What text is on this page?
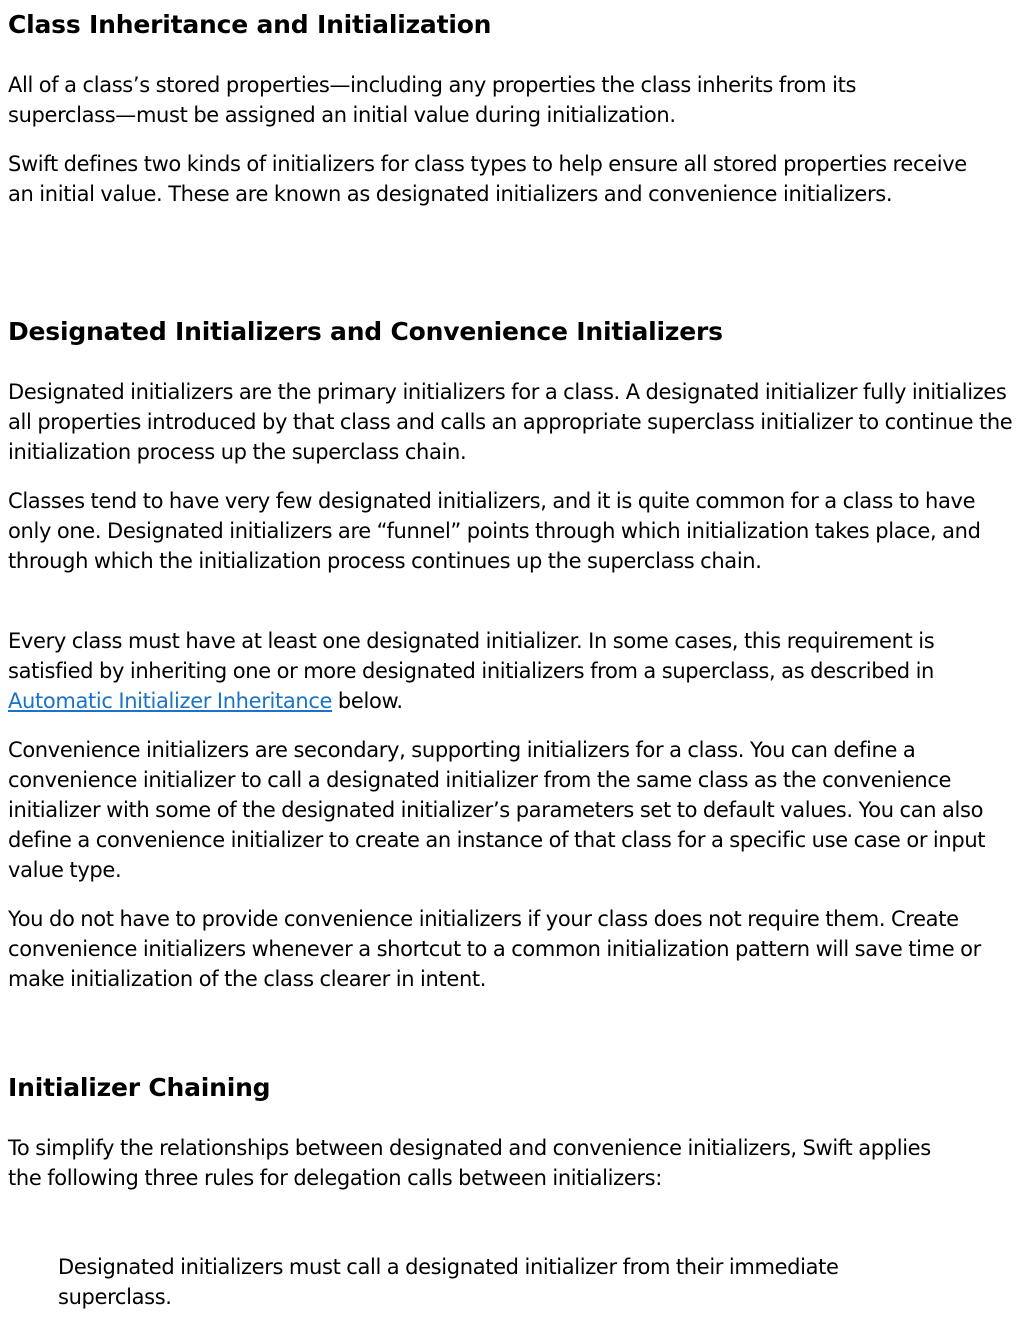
Class Inheritance and Initialization

All of a class’s stored properties—including any properties the class inherits from its superclass—must be assigned an initial value during initialization.

Swift defines two kinds of initializers for class types to help ensure all stored properties receive an initial value. These are known as designated initializers and convenience initializers.

Designated Initializers and Convenience Initializers

Designated initializers are the primary initializers for a class. A designated initializer fully initializes all properties introduced by that class and calls an appropriate superclass initializer to continue the initialization process up the superclass chain.

Classes tend to have very few designated initializers, and it is quite common for a class to have only one. Designated initializers are “funnel” points through which initialization takes place, and through which the initialization process continues up the superclass chain.

Every class must have at least one designated initializer. In some cases, this requirement is satisfied by inheriting one or more designated initializers from a superclass, as described in Automatic Initializer Inheritance below.

Convenience initializers are secondary, supporting initializers for a class. You can define a convenience initializer to call a designated initializer from the same class as the convenience initializer with some of the designated initializer’s parameters set to default values. You can also define a convenience initializer to create an instance of that class for a specific use case or input value type.

You do not have to provide convenience initializers if your class does not require them. Create convenience initializers whenever a shortcut to a common initialization pattern will save time or make initialization of the class clearer in intent.

Initializer Chaining

To simplify the relationships between designated and convenience initializers, Swift applies the following three rules for delegation calls between initializers:

Designated initializers must call a designated initializer from their immediate superclass.
